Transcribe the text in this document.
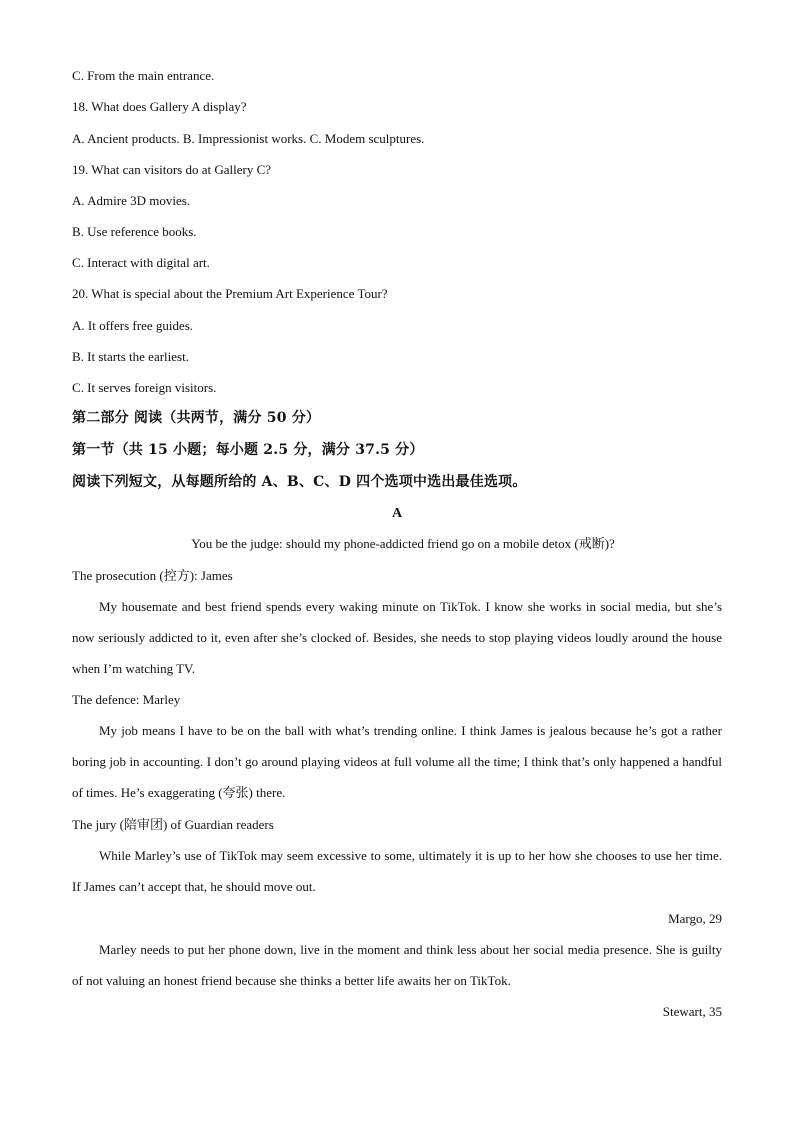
C. From the main entrance.
18. What does Gallery A display?
A. Ancient products. B. Impressionist works. C. Modem sculptures.
19. What can visitors do at Gallery C?
A. Admire 3D movies.
B. Use reference books.
C. Interact with digital art.
20. What is special about the Premium Art Experience Tour?
A. It offers free guides.
B. It starts the earliest.
C. It serves foreign visitors.
第二部分 阅读（共两节，满分 50 分）
第一节（共 15 小题；每小题 2.5 分，满分 37.5 分）
阅读下列短文，从每题所给的 A、B、C、D 四个选项中选出最佳选项。
A
You be the judge: should my phone-addicted friend go on a mobile detox (戒断)?
The prosecution (控方): James
My housemate and best friend spends every waking minute on TikTok. I know she works in social media, but she’s now seriously addicted to it, even after she’s clocked of. Besides, she needs to stop playing videos loudly around the house when I’m watching TV.
The defence: Marley
My job means I have to be on the ball with what’s trending online. I think James is jealous because he’s got a rather boring job in accounting. I don’t go around playing videos at full volume all the time; I think that’s only happened a handful of times. He’s exaggerating (夸张) there.
The jury (陪审团) of Guardian readers
While Marley’s use of TikTok may seem excessive to some, ultimately it is up to her how she chooses to use her time. If James can’t accept that, he should move out.
Margo, 29
Marley needs to put her phone down, live in the moment and think less about her social media presence. She is guilty of not valuing an honest friend because she thinks a better life awaits her on TikTok.
Stewart, 35
